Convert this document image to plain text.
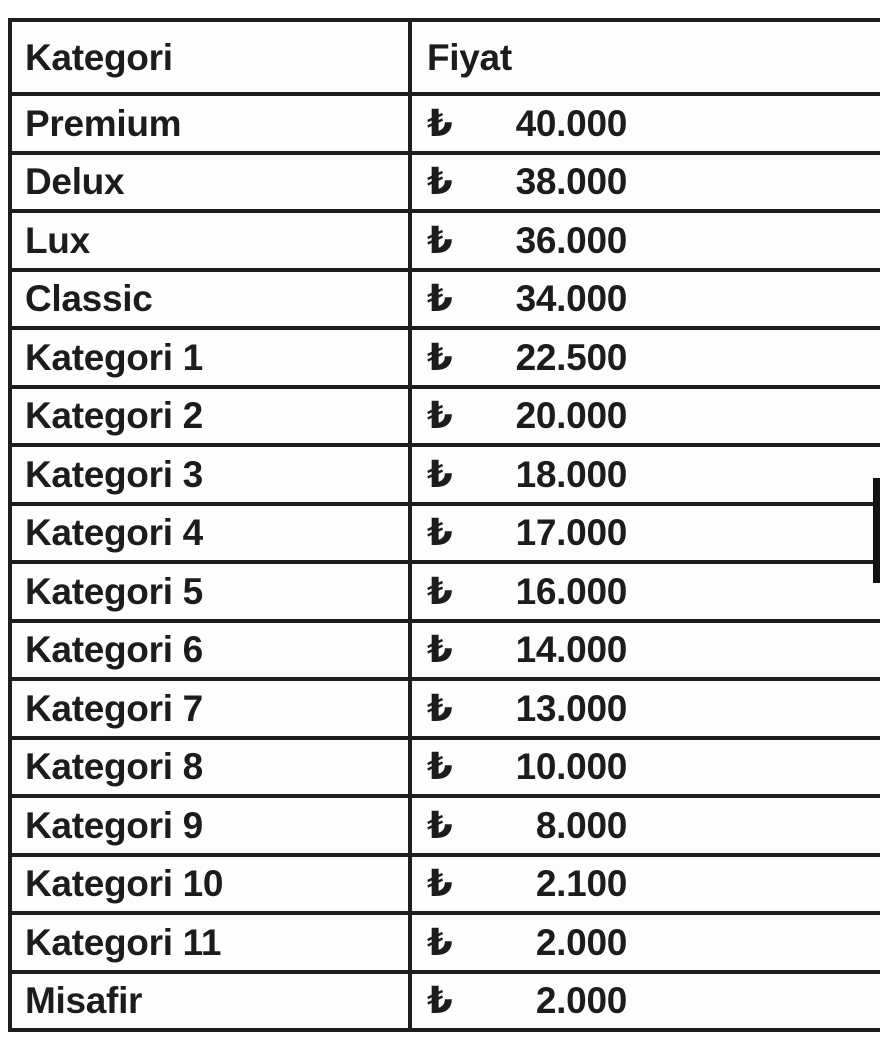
Kategori	Fiyat
Premium	₺ 40.000

Delux	₺ 38.000

Lux	₺ 36.000

Classic	₺ 34.000

Kategori 1	₺ 22.500

Kategori 2	₺ 20.000

Kategori 3	₺ 18.000

Kategori 4	₺ 17.000

Kategori 5	₺ 16.000

Kategori 6	₺ 14.000

Kategori 7	₺ 13.000

Kategori 8	₺ 10.000

Kategori 9	₺ 8.000

Kategori 10	₺ 2.100

Kategori 11	₺ 2.000

Misafir	₺ 2.000
